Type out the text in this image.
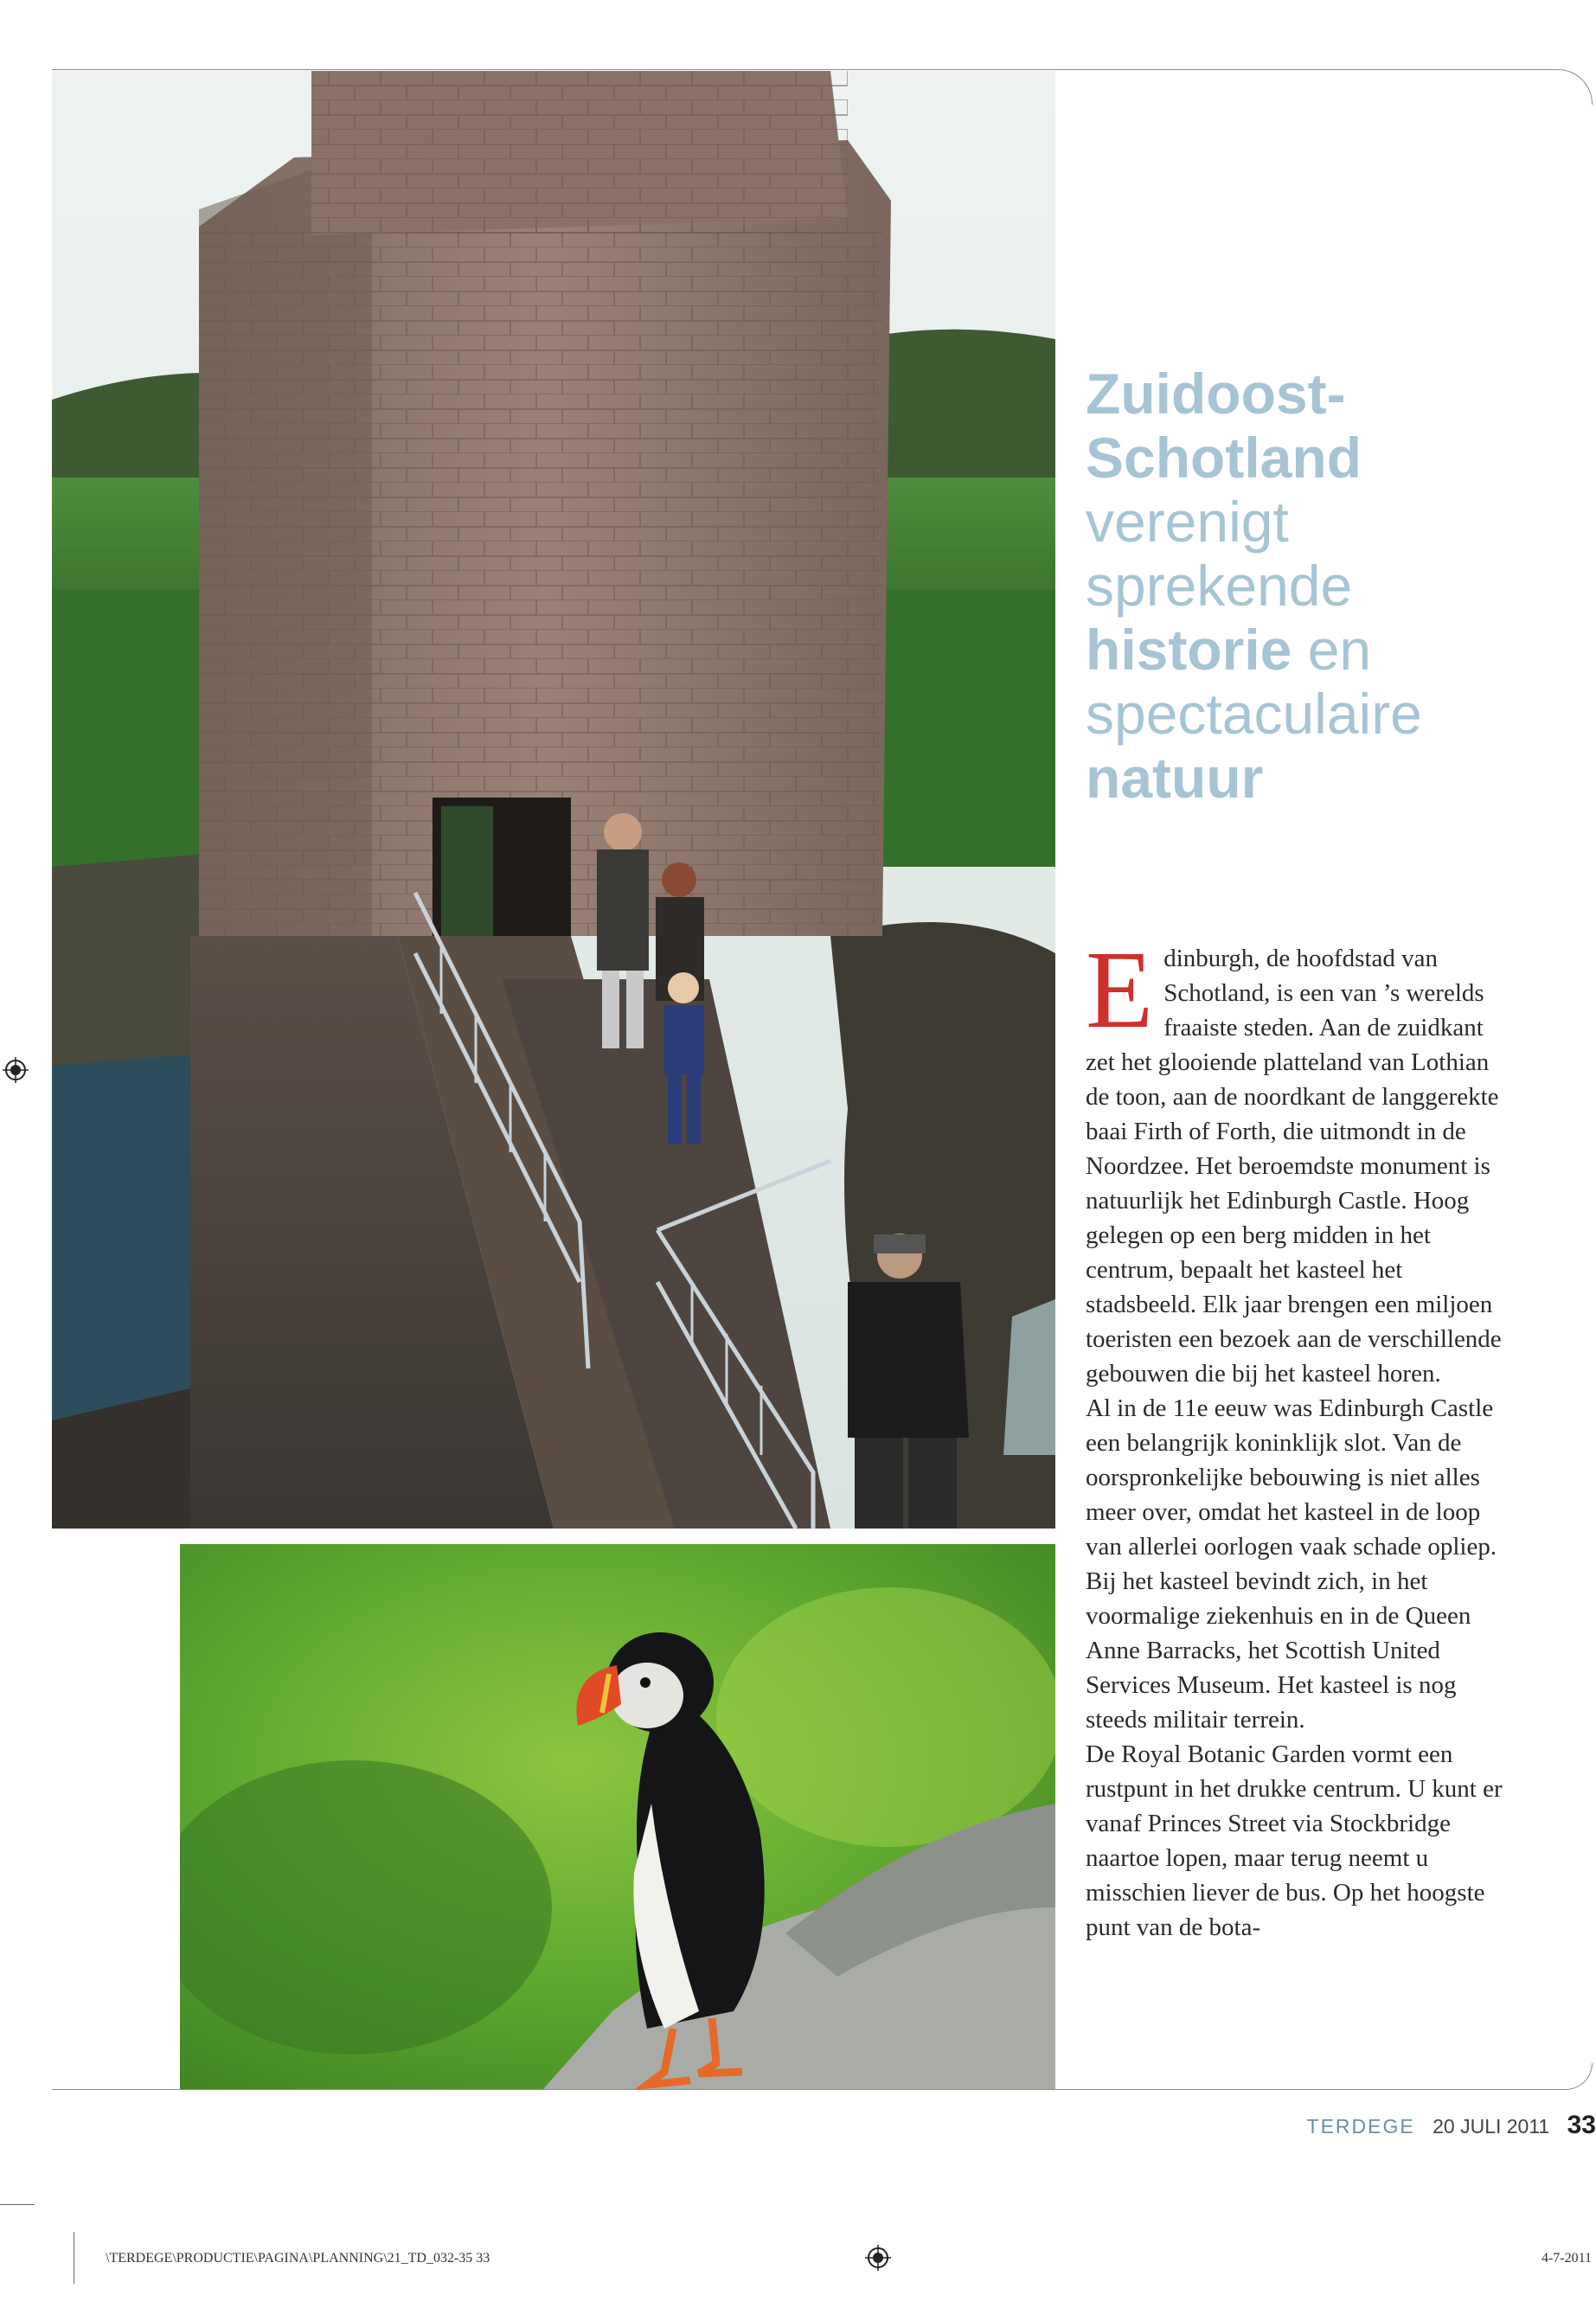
Zuidoost-
Schotland
verenigt
sprekende
historie en
spectaculaire
natuur

Edinburgh, de hoofdstad van Schotland, is een van ’s werelds fraaiste steden. Aan de zuidkant zet het glooiende platteland van Lothian de toon, aan de noordkant de langgerekte baai Firth of Forth, die uitmondt in de Noordzee. Het beroemdste monument is natuurlijk het Edinburgh Castle. Hoog gelegen op een berg midden in het centrum, bepaalt het kasteel het stadsbeeld. Elk jaar brengen een miljoen toeristen een bezoek aan de verschillende gebouwen die bij het kasteel horen.

Al in de 11e eeuw was Edinburgh Castle een belangrijk koninklijk slot. Van de oorspronkelijke bebouwing is niet alles meer over, omdat het kasteel in de loop van allerlei oorlogen vaak schade opliep. Bij het kasteel bevindt zich, in het voormalige ziekenhuis en in de Queen Anne Barracks, het Scottish United Services Museum. Het kasteel is nog steeds militair terrein.

De Royal Botanic Garden vormt een rustpunt in het drukke centrum. U kunt er vanaf Princes Street via Stockbridge naartoe lopen, maar terug neemt u misschien liever de bus. Op het hoogste punt van de bota-

TERDEGE 20 JULI 2011 33
\TERDEGE\PRODUCTIE\PAGINA\PLANNING\21_TD_032-35 33	4-7-2011
